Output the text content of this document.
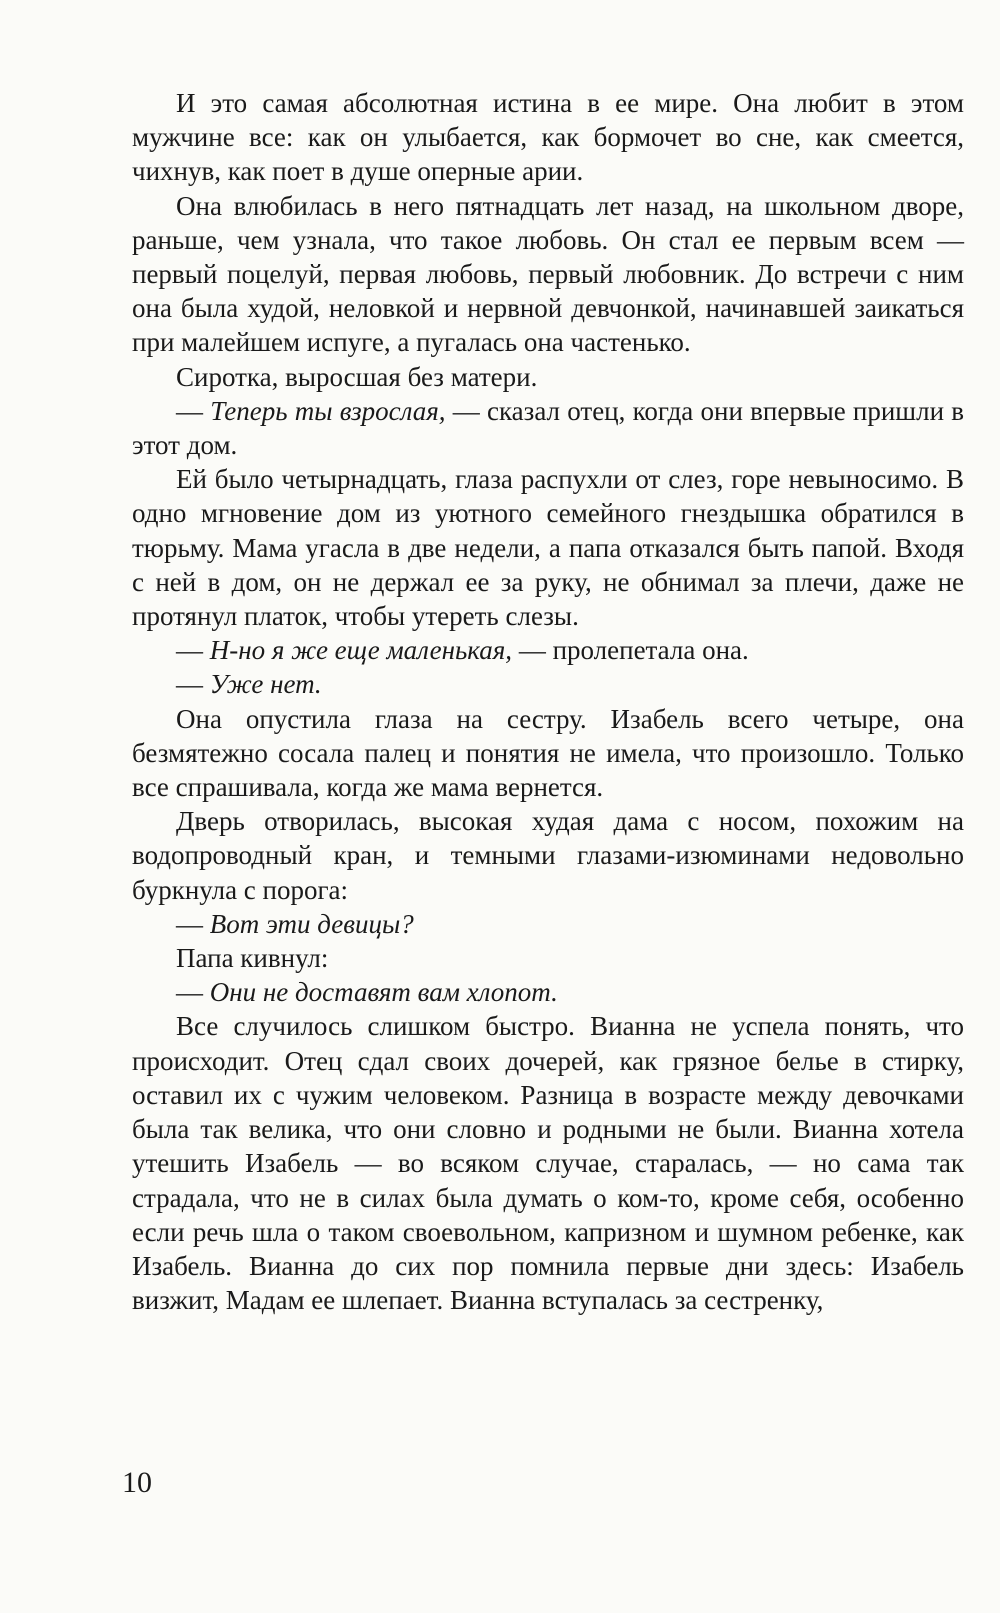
И это самая абсолютная истина в ее мире. Она любит в этом мужчине все: как он улыбается, как бормочет во сне, как смеется, чихнув, как поет в душе оперные арии.

Она влюбилась в него пятнадцать лет назад, на школьном дворе, раньше, чем узнала, что такое любовь. Он стал ее первым всем — первый поцелуй, первая любовь, первый любовник. До встречи с ним она была худой, неловкой и нервной девчонкой, начинавшей заикаться при малейшем испуге, а пугалась она частенько.

Сиротка, выросшая без матери.

— Теперь ты взрослая, — сказал отец, когда они впервые пришли в этот дом.

Ей было четырнадцать, глаза распухли от слез, горе невыносимо. В одно мгновение дом из уютного семейного гнездышка обратился в тюрьму. Мама угасла в две недели, а папа отказался быть папой. Входя с ней в дом, он не держал ее за руку, не обнимал за плечи, даже не протянул платок, чтобы утереть слезы.

— Н-но я же еще маленькая, — пролепетала она.

— Уже нет.

Она опустила глаза на сестру. Изабель всего четыре, она безмятежно сосала палец и понятия не имела, что произошло. Только все спрашивала, когда же мама вернется.

Дверь отворилась, высокая худая дама с носом, похожим на водопроводный кран, и темными глазами-изюминами недовольно буркнула с порога:

— Вот эти девицы?

Папа кивнул:

— Они не доставят вам хлопот.

Все случилось слишком быстро. Вианна не успела понять, что происходит. Отец сдал своих дочерей, как грязное белье в стирку, оставил их с чужим человеком. Разница в возрасте между девочками была так велика, что они словно и родными не были. Вианна хотела утешить Изабель — во всяком случае, старалась, — но сама так страдала, что не в силах была думать о ком-то, кроме себя, особенно если речь шла о таком своевольном, капризном и шумном ребенке, как Изабель. Вианна до сих пор помнила первые дни здесь: Изабель визжит, Мадам ее шлепает. Вианна вступалась за сестренку,

10
